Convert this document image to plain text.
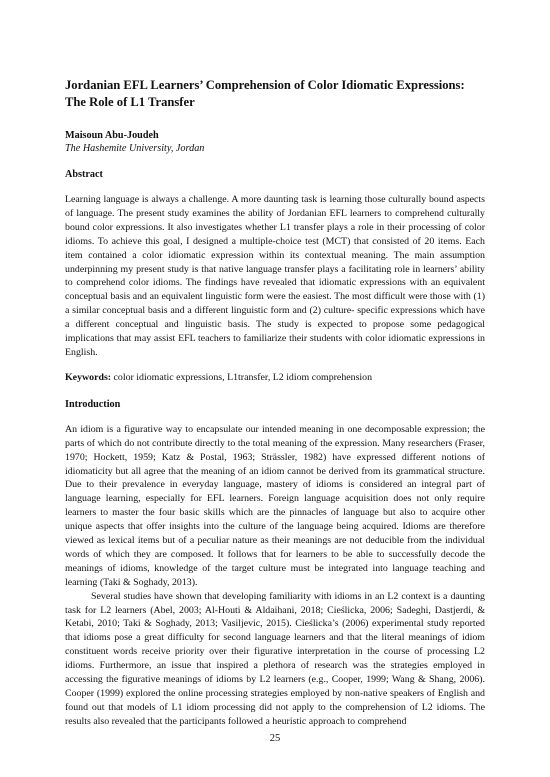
Jordanian EFL Learners’ Comprehension of Color Idiomatic Expressions: The Role of L1 Transfer
Maisoun Abu-Joudeh
The Hashemite University, Jordan
Abstract

Learning language is always a challenge. A more daunting task is learning those culturally bound aspects of language. The present study examines the ability of Jordanian EFL learners to comprehend culturally bound color expressions. It also investigates whether L1 transfer plays a role in their processing of color idioms. To achieve this goal, I designed a multiple-choice test (MCT) that consisted of 20 items. Each item contained a color idiomatic expression within its contextual meaning. The main assumption underpinning my present study is that native language transfer plays a facilitating role in learners’ ability to comprehend color idioms. The findings have revealed that idiomatic expressions with an equivalent conceptual basis and an equivalent linguistic form were the easiest. The most difficult were those with (1) a similar conceptual basis and a different linguistic form and (2) culture- specific expressions which have a different conceptual and linguistic basis. The study is expected to propose some pedagogical implications that may assist EFL teachers to familiarize their students with color idiomatic expressions in English.

Keywords: color idiomatic expressions, L1transfer, L2 idiom comprehension

Introduction

An idiom is a figurative way to encapsulate our intended meaning in one decomposable expression; the parts of which do not contribute directly to the total meaning of the expression. Many researchers (Fraser, 1970; Hockett, 1959; Katz & Postal, 1963; Strässler, 1982) have expressed different notions of idiomaticity but all agree that the meaning of an idiom cannot be derived from its grammatical structure. Due to their prevalence in everyday language, mastery of idioms is considered an integral part of language learning, especially for EFL learners. Foreign language acquisition does not only require learners to master the four basic skills which are the pinnacles of language but also to acquire other unique aspects that offer insights into the culture of the language being acquired. Idioms are therefore viewed as lexical items but of a peculiar nature as their meanings are not deducible from the individual words of which they are composed. It follows that for learners to be able to successfully decode the meanings of idioms, knowledge of the target culture must be integrated into language teaching and learning (Taki & Soghady, 2013).

Several studies have shown that developing familiarity with idioms in an L2 context is a daunting task for L2 learners (Abel, 2003; Al-Houti & Aldaihani, 2018; Cieślicka, 2006; Sadeghi, Dastjerdi, & Ketabi, 2010; Taki & Soghady, 2013; Vasiljevic, 2015). Cieślicka’s (2006) experimental study reported that idioms pose a great difficulty for second language learners and that the literal meanings of idiom constituent words receive priority over their figurative interpretation in the course of processing L2 idioms. Furthermore, an issue that inspired a plethora of research was the strategies employed in accessing the figurative meanings of idioms by L2 learners (e.g., Cooper, 1999; Wang & Shang, 2006). Cooper (1999) explored the online processing strategies employed by non-native speakers of English and found out that models of L1 idiom processing did not apply to the comprehension of L2 idioms. The results also revealed that the participants followed a heuristic approach to comprehend

25
